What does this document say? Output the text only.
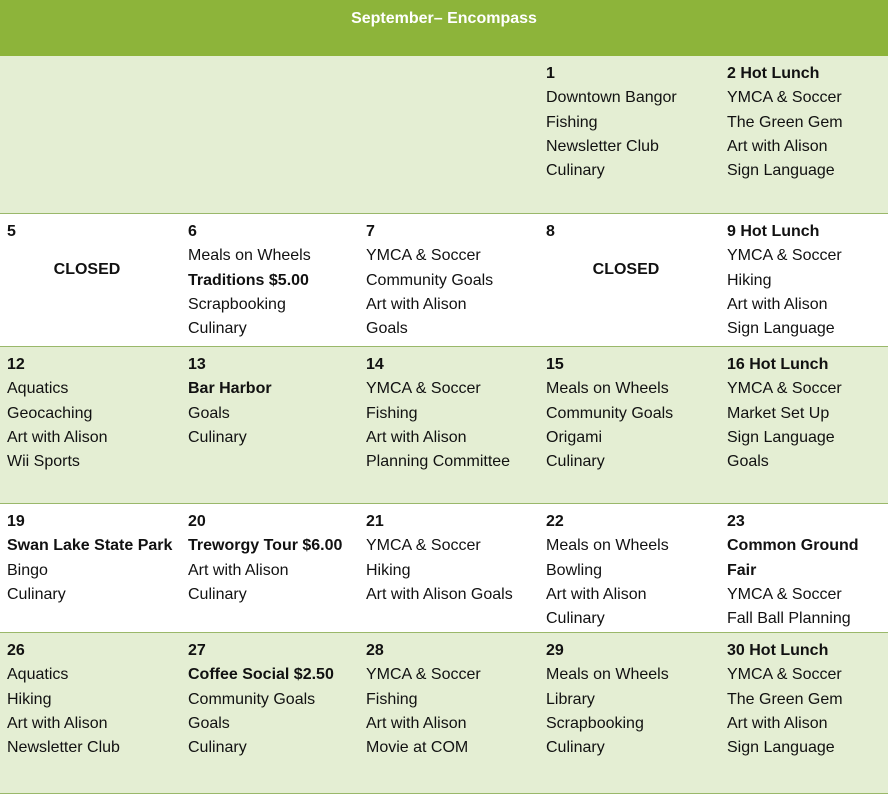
September– Encompass
1
Downtown Bangor
Fishing
Newsletter Club
Culinary
2 Hot Lunch
YMCA & Soccer
The Green Gem
Art with Alison
Sign Language
5
CLOSED
6
Meals on Wheels
Traditions $5.00
Scrapbooking
Culinary
7
YMCA & Soccer
Community Goals
Art with Alison
Goals
8
CLOSED
9 Hot Lunch
YMCA & Soccer
Hiking
Art with Alison
Sign Language
12
Aquatics
Geocaching
Art with Alison
Wii Sports
13
Bar Harbor
Goals
Culinary
14
YMCA & Soccer
Fishing
Art with Alison
Planning Committee
15
Meals on Wheels
Community Goals
Origami
Culinary
16 Hot Lunch
YMCA & Soccer
Market Set Up
Sign Language
Goals
19
Swan Lake State Park
Bingo
Culinary
20
Treworgy Tour $6.00
Art with Alison
Culinary
21
YMCA & Soccer
Hiking
Art with Alison Goals
22
Meals on Wheels
Bowling
Art with Alison
Culinary
23
Common Ground Fair
YMCA & Soccer
Fall Ball Planning
26
Aquatics
Hiking
Art with Alison
Newsletter Club
27
Coffee Social $2.50
Community Goals
Goals
Culinary
28
YMCA & Soccer
Fishing
Art with Alison
Movie at COM
29
Meals on Wheels
Library
Scrapbooking
Culinary
30 Hot Lunch
YMCA & Soccer
The Green Gem
Art with Alison
Sign Language
